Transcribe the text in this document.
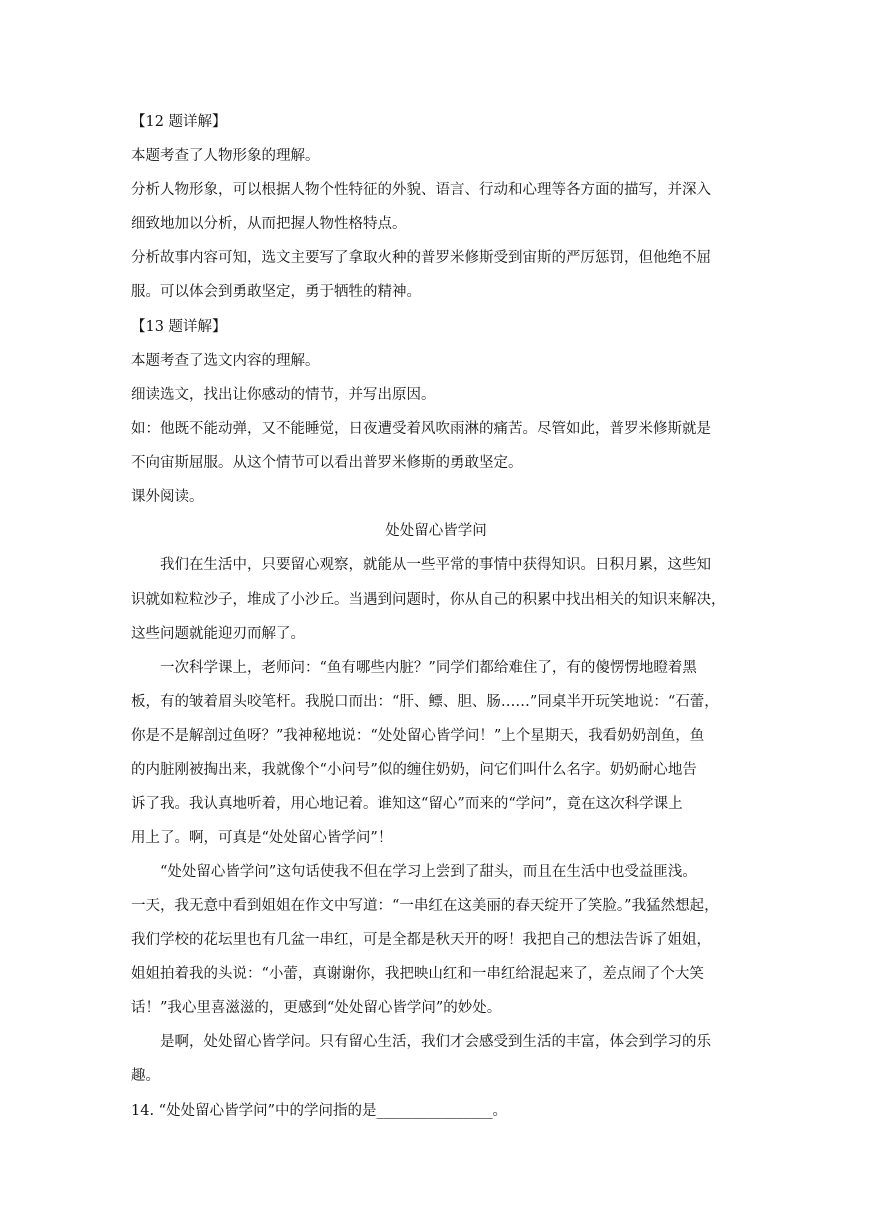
【12 题详解】
本题考查了人物形象的理解。
分析人物形象，可以根据人物个性特征的外貌、语言、行动和心理等各方面的描写，并深入
细致地加以分析，从而把握人物性格特点。
分析故事内容可知，选文主要写了拿取火种的普罗米修斯受到宙斯的严厉惩罚，但他绝不屈
服。可以体会到勇敢坚定，勇于牺牲的精神。
【13 题详解】
本题考查了选文内容的理解。
细读选文，找出让你感动的情节，并写出原因。
如：他既不能动弹，又不能睡觉，日夜遭受着风吹雨淋的痛苦。尽管如此，普罗米修斯就是
不向宙斯屈服。从这个情节可以看出普罗米修斯的勇敢坚定。
课外阅读。
处处留心皆学问
我们在生活中，只要留心观察，就能从一些平常的事情中获得知识。日积月累，这些知
识就如粒粒沙子，堆成了小沙丘。当遇到问题时，你从自己的积累中找出相关的知识来解决，
这些问题就能迎刃而解了。
一次科学课上，老师问：“鱼有哪些内脏？”同学们都给难住了，有的傻愣愣地瞪着黑
板，有的皱着眉头咬笔杆。我脱口而出：“肝、鳔、胆、肠……”同桌半开玩笑地说：“石蕾，
你是不是解剖过鱼呀？”我神秘地说：“处处留心皆学问！”上个星期天，我看奶奶剖鱼，鱼
的内脏刚被掏出来，我就像个“小问号”似的缠住奶奶，问它们叫什么名字。奶奶耐心地告
诉了我。我认真地听着，用心地记着。谁知这“留心”而来的“学问”，竟在这次科学课上
用上了。啊，可真是“处处留心皆学问”！
“处处留心皆学问”这句话使我不但在学习上尝到了甜头，而且在生活中也受益匪浅。
一天，我无意中看到姐姐在作文中写道：“一串红在这美丽的春天绽开了笑脸。”我猛然想起，
我们学校的花坛里也有几盆一串红，可是全都是秋天开的呀！我把自己的想法告诉了姐姐，
姐姐拍着我的头说：“小蕾，真谢谢你，我把映山红和一串红给混起来了，差点闹了个大笑
话！”我心里喜滋滋的，更感到“处处留心皆学问”的妙处。
是啊，处处留心皆学问。只有留心生活，我们才会感受到生活的丰富，体会到学习的乐
趣。
14. “处处留心皆学问”中的学问指的是________________。
